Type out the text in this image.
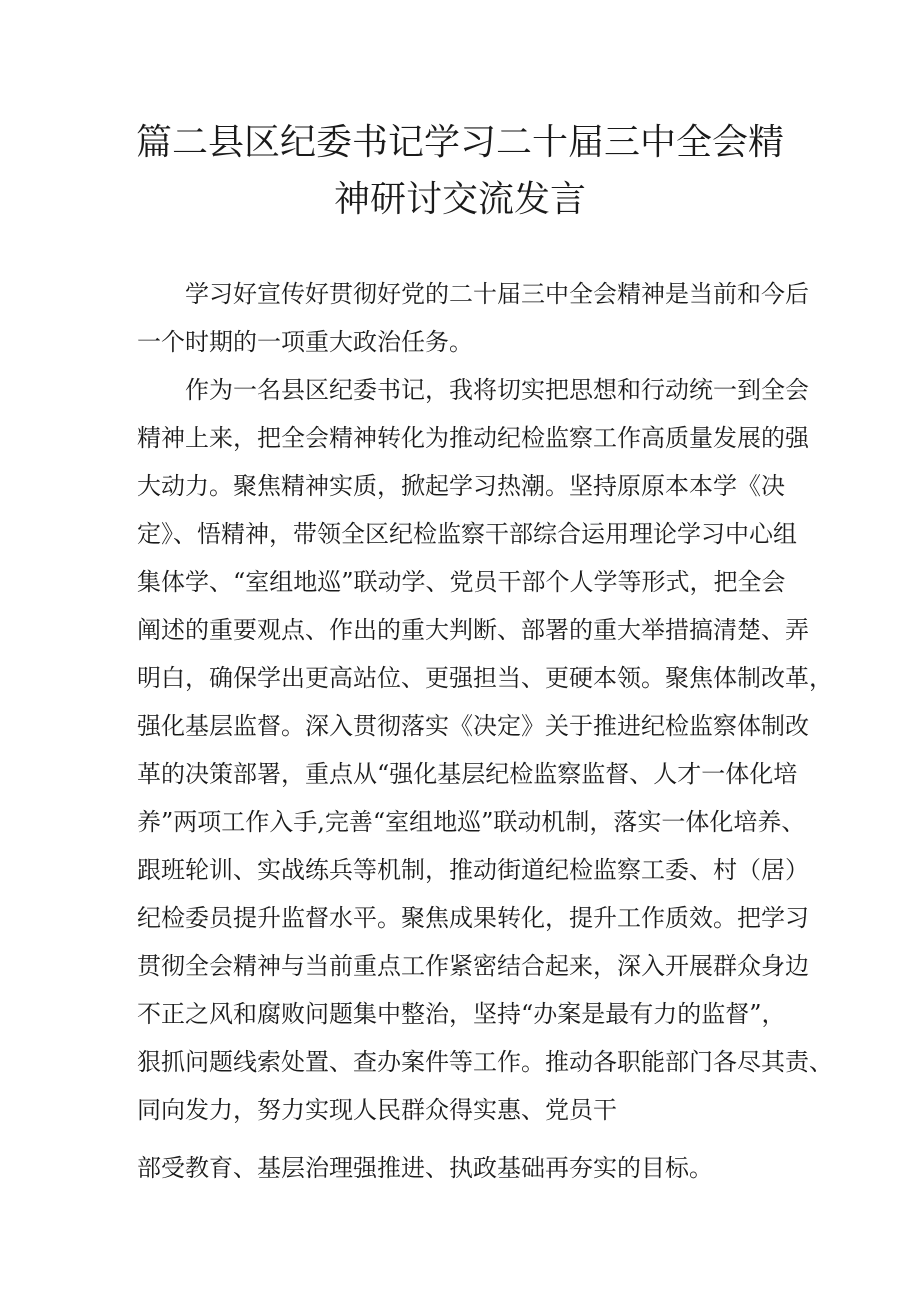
篇二县区纪委书记学习二十届三中全会精
神研讨交流发言

学习好宣传好贯彻好党的二十届三中全会精神是当前和今后

一个时期的一项重大政治任务。

作为一名县区纪委书记，我将切实把思想和行动统一到全会

精神上来，把全会精神转化为推动纪检监察工作高质量发展的强

大动力。聚焦精神实质，掀起学习热潮。坚持原原本本学《决

定》、悟精神，带领全区纪检监察干部综合运用理论学习中心组

集体学、“室组地巡”联动学、党员干部个人学等形式，把全会

阐述的重要观点、作出的重大判断、部署的重大举措搞清楚、弄

明白，确保学出更高站位、更强担当、更硬本领。聚焦体制改革，

强化基层监督。深入贯彻落实《决定》关于推进纪检监察体制改

革的决策部署，重点从“强化基层纪检监察监督、人才一体化培

养”两项工作入手,完善“室组地巡”联动机制，落实一体化培养、

跟班轮训、实战练兵等机制，推动街道纪检监察工委、村（居）

纪检委员提升监督水平。聚焦成果转化，提升工作质效。把学习

贯彻全会精神与当前重点工作紧密结合起来，深入开展群众身边

不正之风和腐败问题集中整治，坚持“办案是最有力的监督”，

狠抓问题线索处置、查办案件等工作。推动各职能部门各尽其责、

同向发力，努力实现人民群众得实惠、党员干

部受教育、基层治理强推进、执政基础再夯实的目标。
